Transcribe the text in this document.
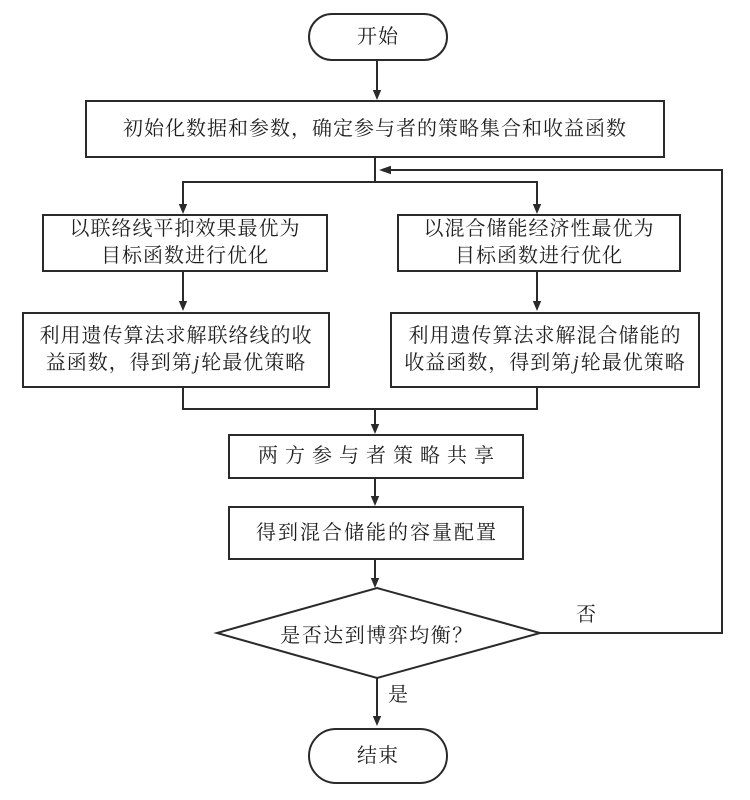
开始
初始化数据和参数，确定参与者的策略集合和收益函数
以联络线平抑效果最优为
目标函数进行优化
以混合储能经济性最优为
目标函数进行优化
利用遗传算法求解联络线的收
益函数，得到第j轮最优策略
利用遗传算法求解混合储能的
收益函数，得到第j轮最优策略
两方参与者策略共享
得到混合储能的容量配置
是否达到博弈均衡？
否
是
结束
